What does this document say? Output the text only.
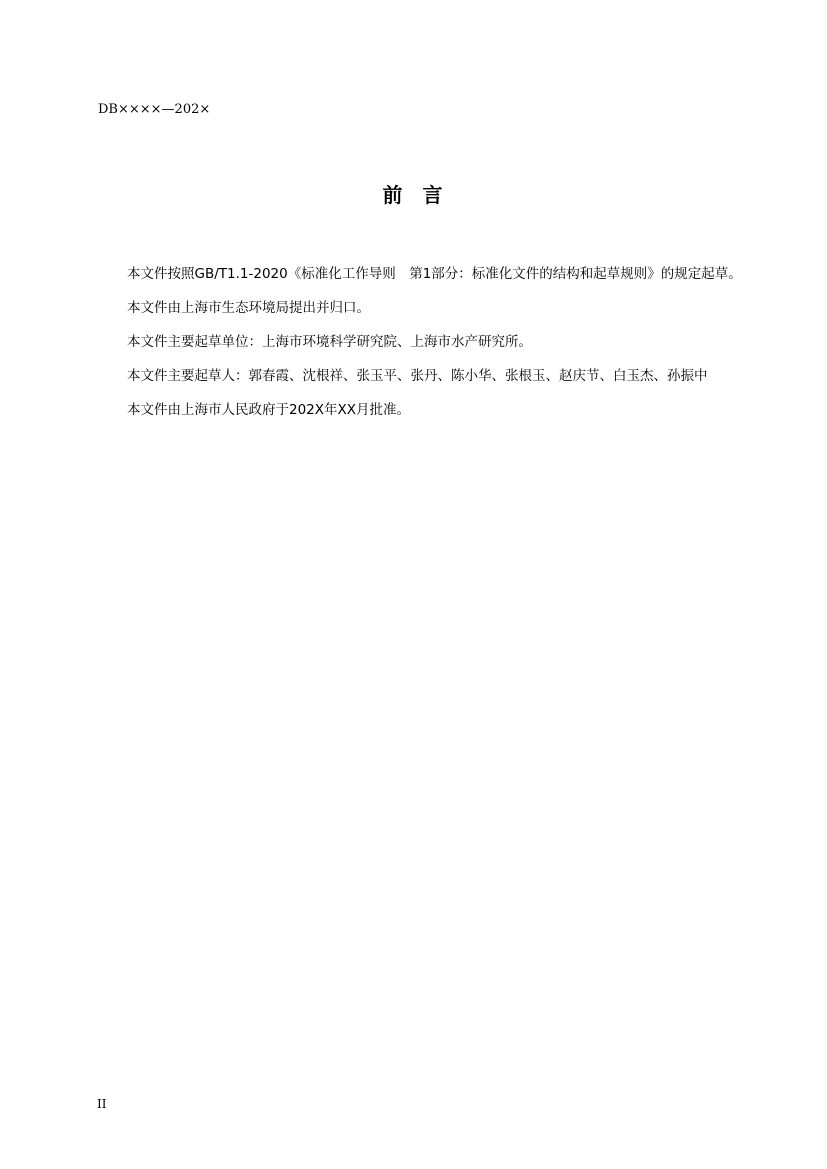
DB××××—202×
前  言

本文件按照GB/T1.1-2020《标准化工作导则　第1部分：标准化文件的结构和起草规则》的规定起草。

本文件由上海市生态环境局提出并归口。

本文件主要起草单位：上海市环境科学研究院、上海市水产研究所。

本文件主要起草人：郭春霞、沈根祥、张玉平、张丹、陈小华、张根玉、赵庆节、白玉杰、孙振中

本文件由上海市人民政府于202X年XX月批准。

II
